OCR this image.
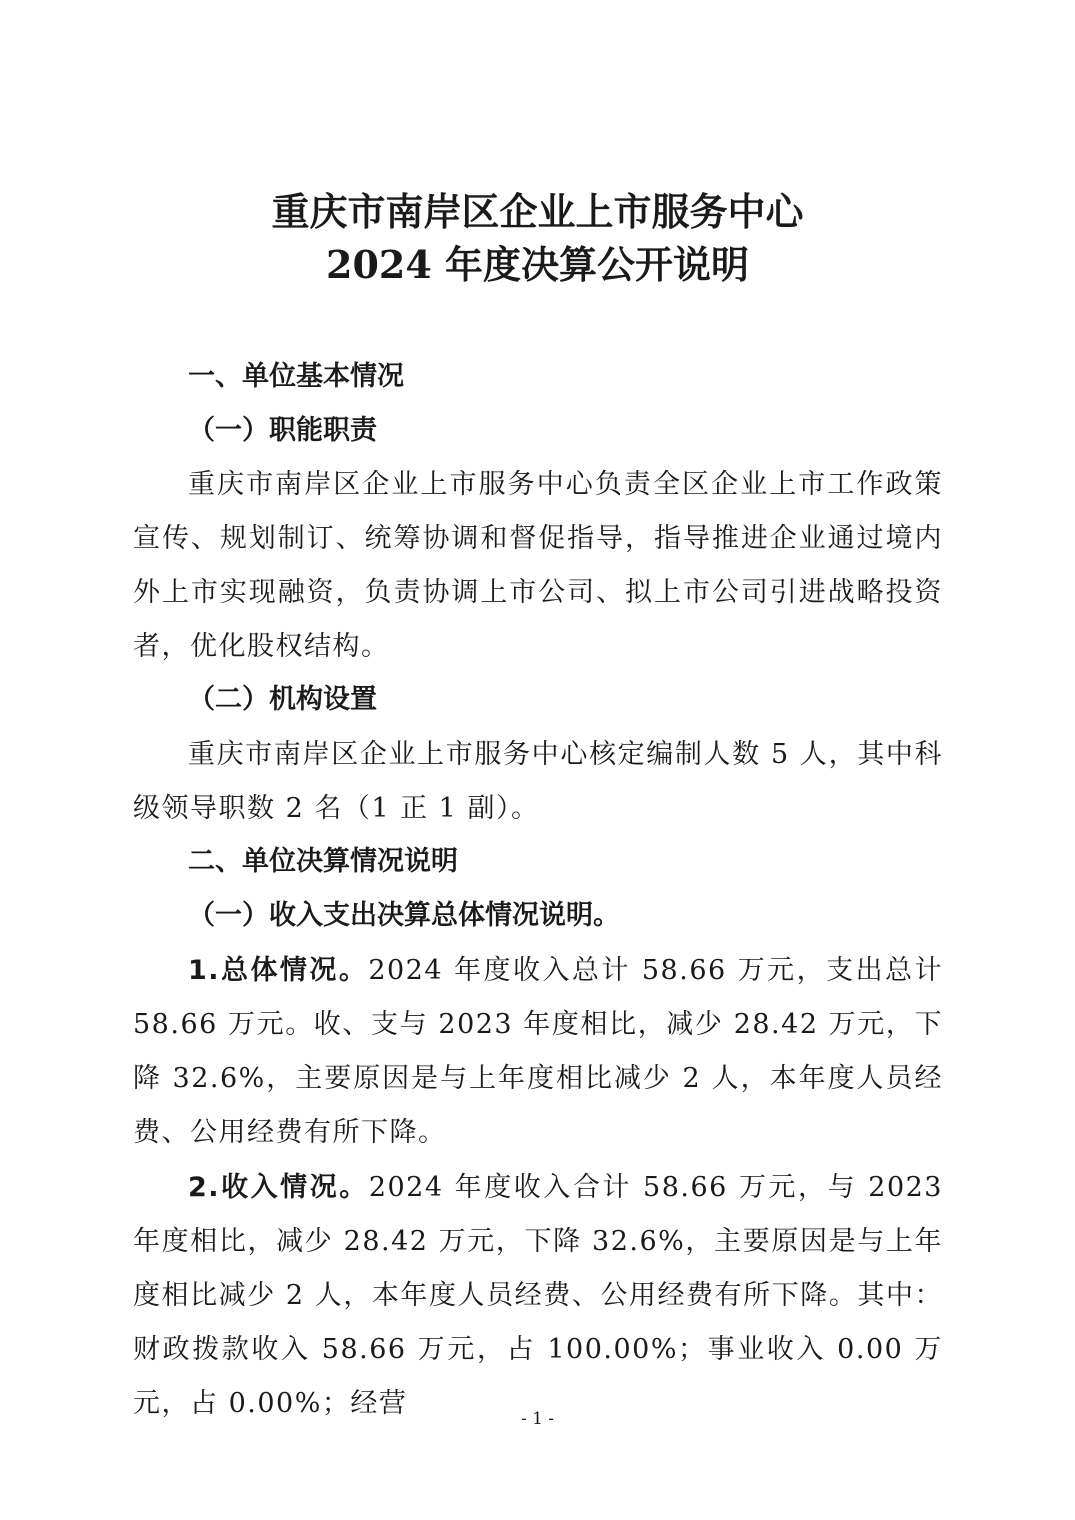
重庆市南岸区企业上市服务中心
2024 年度决算公开说明
一、单位基本情况
（一）职能职责
重庆市南岸区企业上市服务中心负责全区企业上市工作政策宣传、规划制订、统筹协调和督促指导，指导推进企业通过境内外上市实现融资，负责协调上市公司、拟上市公司引进战略投资者，优化股权结构。
（二）机构设置
重庆市南岸区企业上市服务中心核定编制人数 5 人，其中科级领导职数 2 名（1 正 1 副）。
二、单位决算情况说明
（一）收入支出决算总体情况说明。
1.总体情况。2024 年度收入总计 58.66 万元，支出总计 58.66 万元。收、支与 2023 年度相比，减少 28.42 万元，下降 32.6%，主要原因是与上年度相比减少 2 人，本年度人员经费、公用经费有所下降。
2.收入情况。2024 年度收入合计 58.66 万元，与 2023 年度相比，减少 28.42 万元，下降 32.6%，主要原因是与上年度相比减少 2 人，本年度人员经费、公用经费有所下降。其中：财政拨款收入 58.66 万元，占 100.00%；事业收入 0.00 万元，占 0.00%；经营	- 1 -
